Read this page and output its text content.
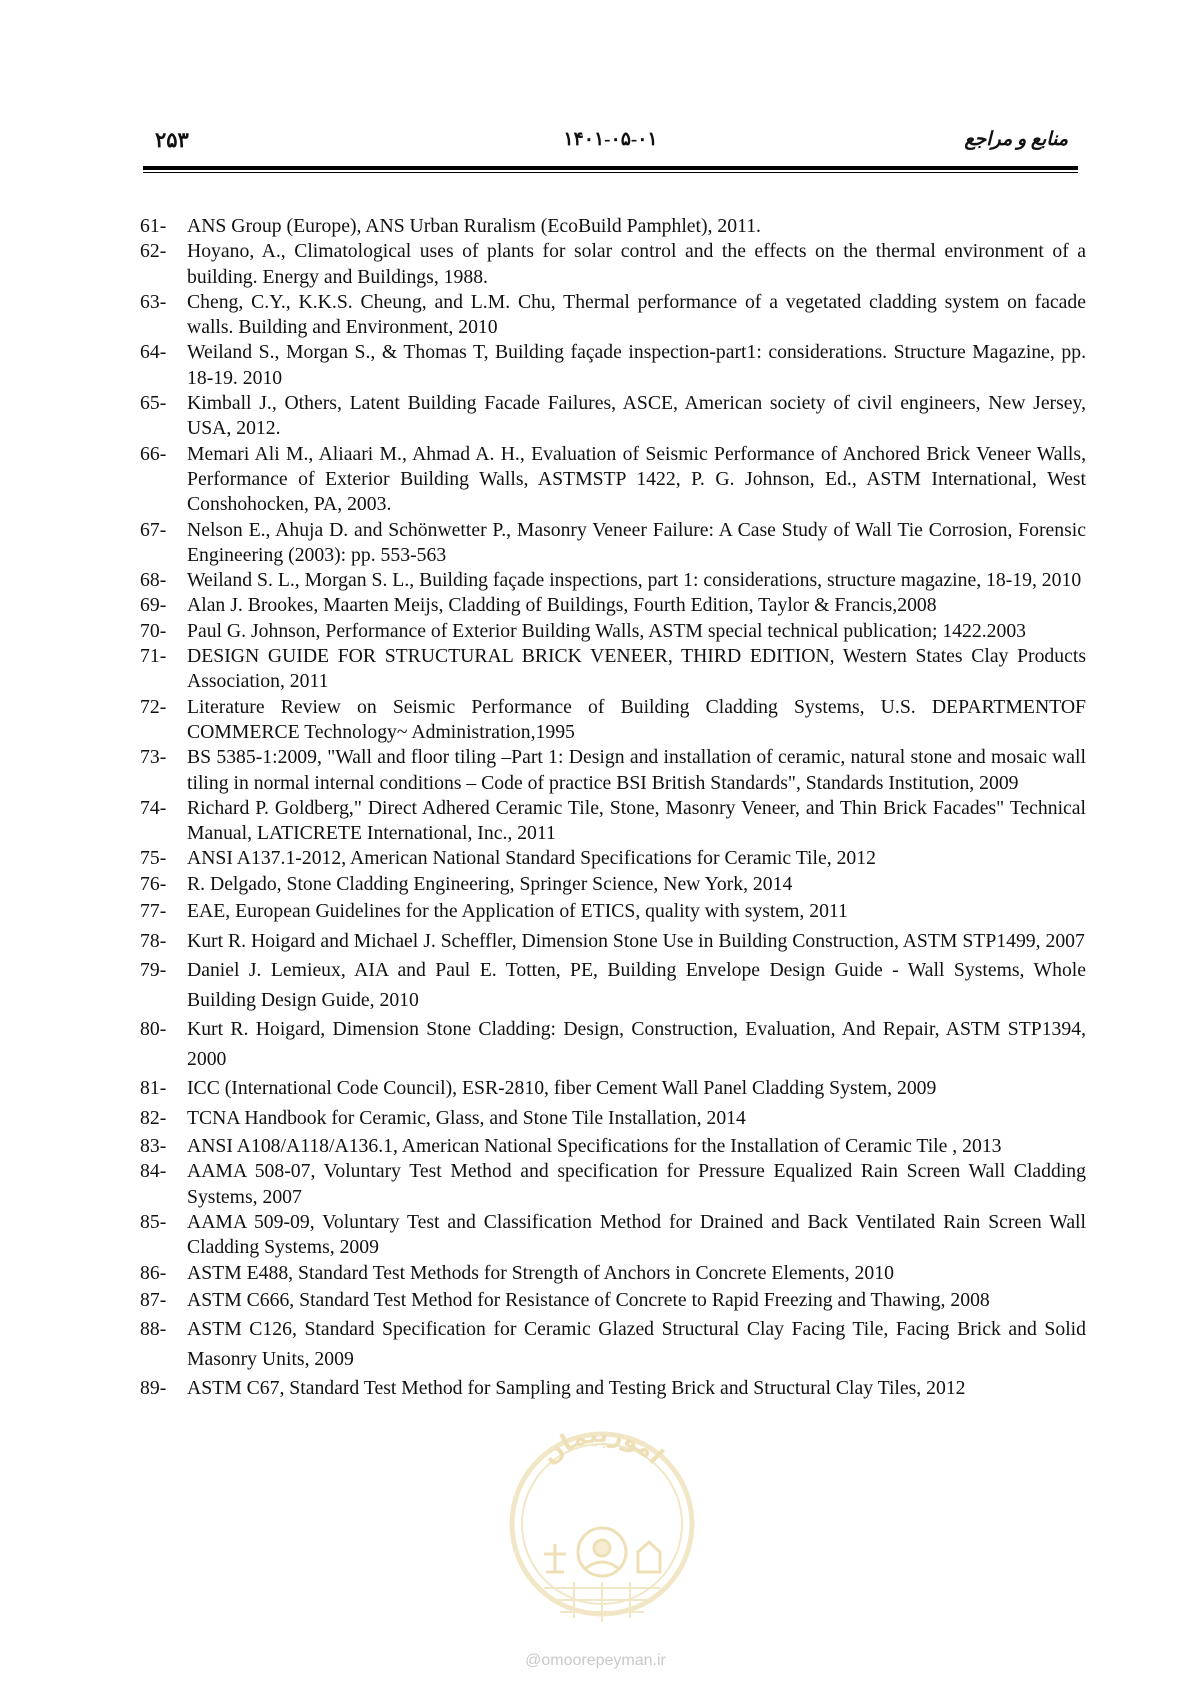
۲۵۳	۱۴۰۱-۰۵-۰۱	منابع و مراجع
61-	ANS Group (Europe), ANS Urban Ruralism (EcoBuild Pamphlet), 2011.
62-	Hoyano, A., Climatological uses of plants for solar control and the effects on the thermal environment of a building. Energy and Buildings, 1988.
63-	Cheng, C.Y., K.K.S. Cheung, and L.M. Chu, Thermal performance of a vegetated cladding system on facade walls. Building and Environment, 2010
64-	Weiland S., Morgan S., & Thomas T, Building façade inspection-part1: considerations. Structure Magazine, pp. 18-19. 2010
65-	Kimball J., Others, Latent Building Facade Failures, ASCE, American society of civil engineers, New Jersey, USA, 2012.
66-	Memari Ali M., Aliaari M., Ahmad A. H., Evaluation of Seismic Performance of Anchored Brick Veneer Walls, Performance of Exterior Building Walls, ASTMSTP 1422, P. G. Johnson, Ed., ASTM International, West Conshohocken, PA, 2003.
67-	Nelson E., Ahuja D. and Schönwetter P., Masonry Veneer Failure: A Case Study of Wall Tie Corrosion, Forensic Engineering (2003): pp. 553-563
68-	Weiland S. L., Morgan S. L., Building façade inspections, part 1: considerations, structure magazine, 18-19, 2010
69-	Alan J. Brookes, Maarten Meijs, Cladding of Buildings, Fourth Edition, Taylor & Francis,2008
70-	Paul G. Johnson, Performance of Exterior Building Walls, ASTM special technical publication; 1422.2003
71-	DESIGN GUIDE FOR STRUCTURAL BRICK VENEER, THIRD EDITION, Western States Clay Products Association, 2011
72-	Literature Review on Seismic Performance of Building Cladding Systems, U.S. DEPARTMENTOF COMMERCE Technology~ Administration,1995
73-	BS 5385-1:2009, "Wall and floor tiling –Part 1: Design and installation of ceramic, natural stone and mosaic wall tiling in normal internal conditions – Code of practice BSI British Standards", Standards Institution, 2009
74-	Richard P. Goldberg," Direct Adhered Ceramic Tile, Stone, Masonry Veneer, and Thin Brick Facades" Technical Manual, LATICRETE International, Inc., 2011
75-	ANSI A137.1-2012, American National Standard Specifications for Ceramic Tile, 2012
76-	R. Delgado, Stone Cladding Engineering, Springer Science, New York, 2014
77-	EAE, European Guidelines for the Application of ETICS, quality with system, 2011
78-	Kurt R. Hoigard and Michael J. Scheffler, Dimension Stone Use in Building Construction, ASTM STP1499, 2007
79-	Daniel J. Lemieux, AIA and Paul E. Totten, PE, Building Envelope Design Guide - Wall Systems, Whole Building Design Guide, 2010
80-	Kurt R. Hoigard, Dimension Stone Cladding: Design, Construction, Evaluation, And Repair, ASTM STP1394, 2000
81-	ICC (International Code Council), ESR-2810, fiber Cement Wall Panel Cladding System, 2009
82-	TCNA Handbook for Ceramic, Glass, and Stone Tile Installation, 2014
83-	ANSI A108/A118/A136.1, American National Specifications for the Installation of Ceramic Tile , 2013
84-	AAMA 508-07, Voluntary Test Method and specification for Pressure Equalized Rain Screen Wall Cladding Systems, 2007
85-	AAMA 509-09, Voluntary Test and Classification Method for Drained and Back Ventilated Rain Screen Wall Cladding Systems, 2009
86-	ASTM E488, Standard Test Methods for Strength of Anchors in Concrete Elements, 2010
87-	ASTM C666, Standard Test Method for Resistance of Concrete to Rapid Freezing and Thawing, 2008
88-	ASTM C126, Standard Specification for Ceramic Glazed Structural Clay Facing Tile, Facing Brick and Solid Masonry Units, 2009
89-	ASTM C67, Standard Test Method for Sampling and Testing Brick and Structural Clay Tiles, 2012
امورپیمان
@omoorepeyman.ir
